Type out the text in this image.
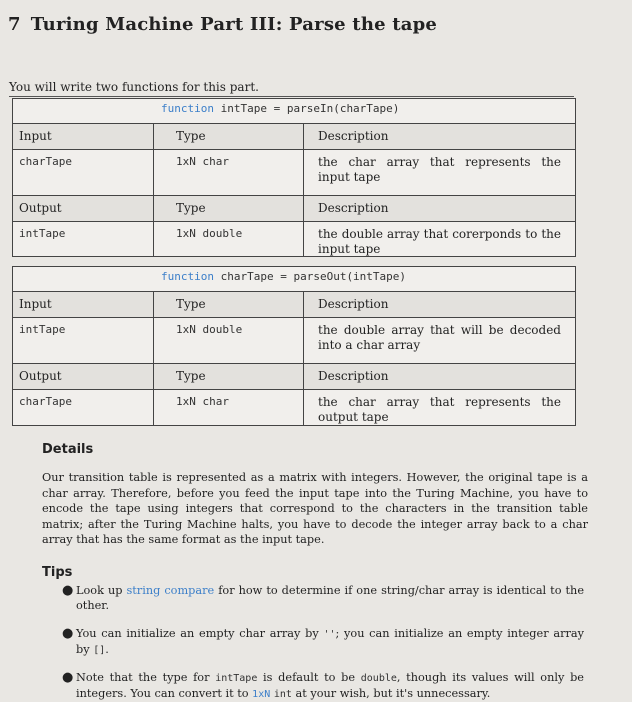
7 Turing Machine Part III: Parse the tape
You will write two functions for this part.
function intTape = parseIn(charTape)
Input	Type	Description
charTape	1xN char	the char array that represents the input tape
Output	Type	Description
intTape	1xN double	the double array that corerponds to the input tape
function charTape = parseOut(intTape)
Input	Type	Description
intTape	1xN double	the double array that will be decoded into a char array
Output	Type	Description
charTape	1xN char	the char array that represents the output tape
Details
Our transition table is represented as a matrix with integers. However, the original tape is a char array. Therefore, before you feed the input tape into the Turing Machine, you have to encode the tape using integers that correspond to the characters in the transition table matrix; after the Turing Machine halts, you have to decode the integer array back to a char array that has the same format as the input tape.
Tips
● Look up string compare for how to determine if one string/char array is identical to the other.
● You can initialize an empty char array by ''; you can initialize an empty integer array by [].
● Note that the type for intTape is default to be double, though its values will only be integers. You can convert it to 1xN int at your wish, but it's unnecessary.
